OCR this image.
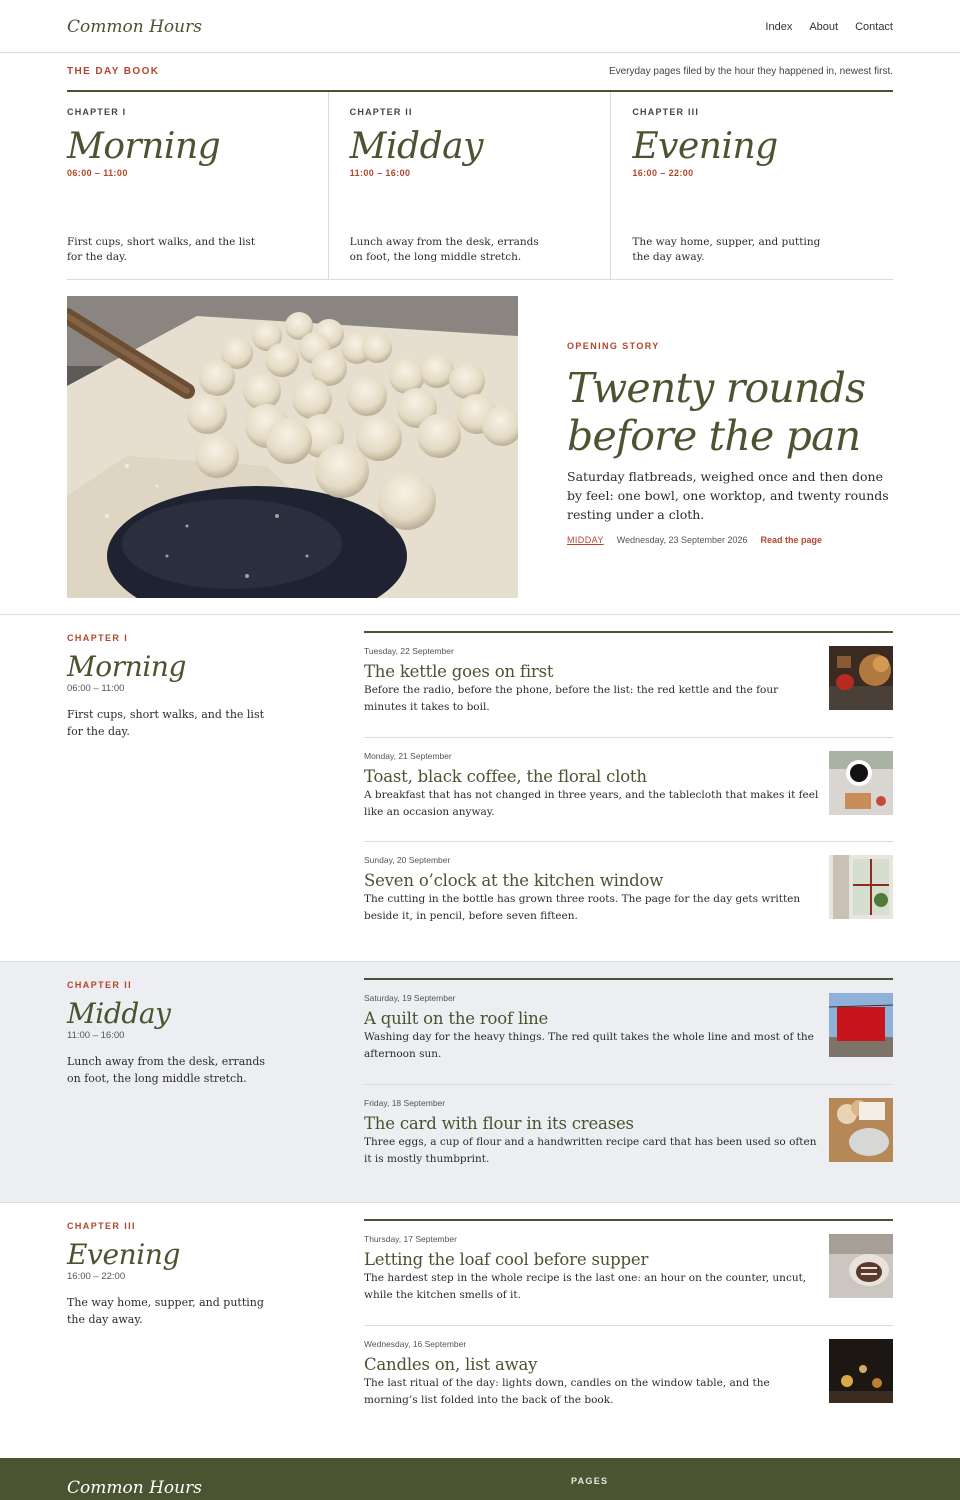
Common Hours	Index About Contact
THE DAY BOOK	Everyday pages filed by the hour they happened in, newest first.
CHAPTER I
Morning
06:00 – 11:00
First cups, short walks, and the list for the day.
CHAPTER II
Midday
11:00 – 16:00
Lunch away from the desk, errands on foot, the long middle stretch.
CHAPTER III
Evening
16:00 – 22:00
The way home, supper, and putting the day away.
OPENING STORY
Twenty rounds before the pan
Saturday flatbreads, weighed once and then done by feel: one bowl, one worktop, and twenty rounds resting under a cloth.
MIDDAY Wednesday, 23 September 2026 Read the page
CHAPTER I
Morning
06:00 – 11:00
First cups, short walks, and the list for the day.
Tuesday, 22 September
The kettle goes on first
Before the radio, before the phone, before the list: the red kettle and the four minutes it takes to boil.
Monday, 21 September
Toast, black coffee, the floral cloth
A breakfast that has not changed in three years, and the tablecloth that makes it feel like an occasion anyway.
Sunday, 20 September
Seven o’clock at the kitchen window
The cutting in the bottle has grown three roots. The page for the day gets written beside it, in pencil, before seven fifteen.
CHAPTER II
Midday
11:00 – 16:00
Lunch away from the desk, errands on foot, the long middle stretch.
Saturday, 19 September
A quilt on the roof line
Washing day for the heavy things. The red quilt takes the whole line and most of the afternoon sun.
Friday, 18 September
The card with flour in its creases
Three eggs, a cup of flour and a handwritten recipe card that has been used so often it is mostly thumbprint.
CHAPTER III
Evening
16:00 – 22:00
The way home, supper, and putting the day away.
Thursday, 17 September
Letting the loaf cool before supper
The hardest step in the whole recipe is the last one: an hour on the counter, uncut, while the kitchen smells of it.
Wednesday, 16 September
Candles on, list away
The last ritual of the day: lights down, candles on the window table, and the morning’s list folded into the back of the book.
Common Hours	PAGES
